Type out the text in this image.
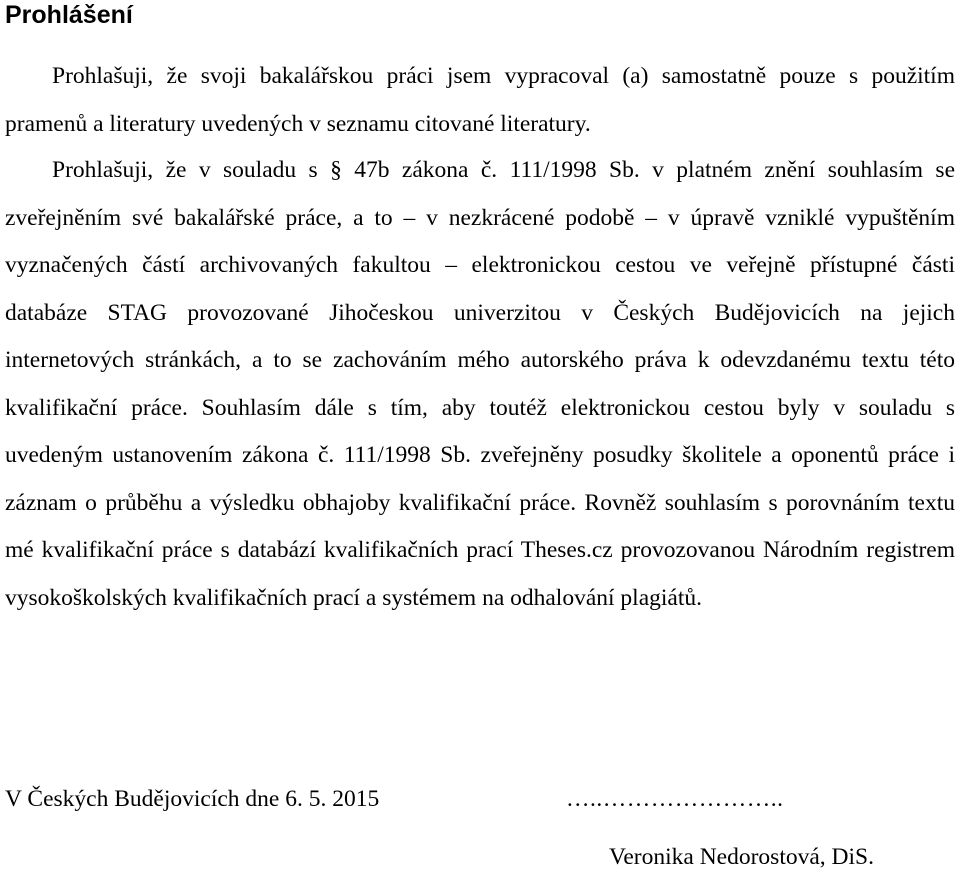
Prohlášení

Prohlašuji, že svoji bakalářskou práci jsem vypracoval (a) samostatně pouze s použitím pramenů a literatury uvedených v seznamu citované literatury.

Prohlašuji, že v souladu s § 47b zákona č. 111/1998 Sb. v platném znění souhlasím se zveřejněním své bakalářské práce, a to – v nezkrácené podobě – v úpravě vzniklé vypuštěním vyznačených částí archivovaných fakultou – elektronickou cestou ve veřejně přístupné části databáze STAG provozované Jihočeskou univerzitou v Českých Budějovicích na jejich internetových stránkách, a to se zachováním mého autorského práva k odevzdanému textu této kvalifikační práce. Souhlasím dále s tím, aby toutéž elektronickou cestou byly v souladu s uvedeným ustanovením zákona č. 111/1998 Sb. zveřejněny posudky školitele a oponentů práce i záznam o průběhu a výsledku obhajoby kvalifikační práce. Rovněž souhlasím s porovnáním textu mé kvalifikační práce s databází kvalifikačních prací Theses.cz provozovanou Národním registrem vysokoškolských kvalifikačních prací a systémem na odhalování plagiátů.

V Českých Budějovicích dne 6. 5. 2015	…..…………………..
Veronika Nedorostová, DiS.
